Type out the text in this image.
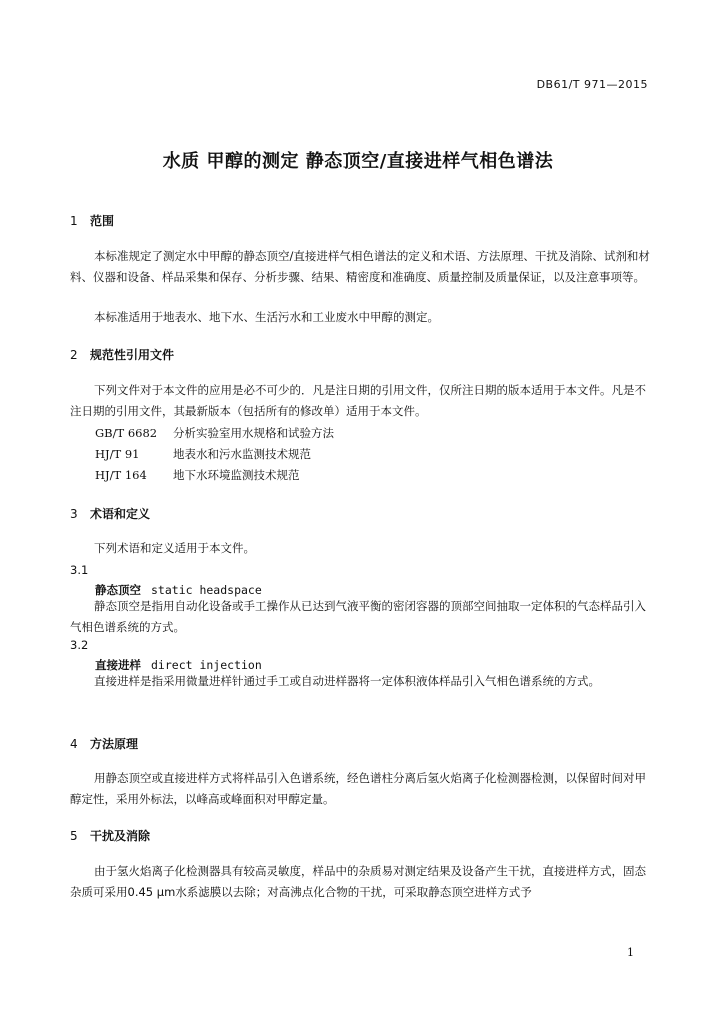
DB61/T 971—2015
水质 甲醇的测定 静态顶空/直接进样气相色谱法
1 范围
本标准规定了测定水中甲醇的静态顶空/直接进样气相色谱法的定义和术语、方法原理、干扰及消除、试剂和材料、仪器和设备、样品采集和保存、分析步骤、结果、精密度和准确度、质量控制及质量保证，以及注意事项等。
本标准适用于地表水、地下水、生活污水和工业废水中甲醇的测定。
2 规范性引用文件
下列文件对于本文件的应用是必不可少的．凡是注日期的引用文件，仅所注日期的版本适用于本文件。凡是不注日期的引用文件，其最新版本（包括所有的修改单）适用于本文件。
GB/T 6682 分析实验室用水规格和试验方法
HJ/T 91	地表水和污水监测技术规范
HJ/T 164 地下水环境监测技术规范
3 术语和定义
下列术语和定义适用于本文件。
3.1
静态顶空 static headspace
静态顶空是指用自动化设备或手工操作从已达到气液平衡的密闭容器的顶部空间抽取一定体积的气态样品引入气相色谱系统的方式。
3.2
直接进样 direct injection
直接进样是指采用微量进样针通过手工或自动进样器将一定体积液体样品引入气相色谱系统的方式。
4 方法原理
用静态顶空或直接进样方式将样品引入色谱系统，经色谱柱分离后氢火焰离子化检测器检测，以保留时间对甲醇定性，采用外标法，以峰高或峰面积对甲醇定量。
5 干扰及消除
由于氢火焰离子化检测器具有较高灵敏度，样品中的杂质易对测定结果及设备产生干扰，直接进样方式，固态杂质可采用0.45 μm水系滤膜以去除；对高沸点化合物的干扰，可采取静态顶空进样方式予
1
